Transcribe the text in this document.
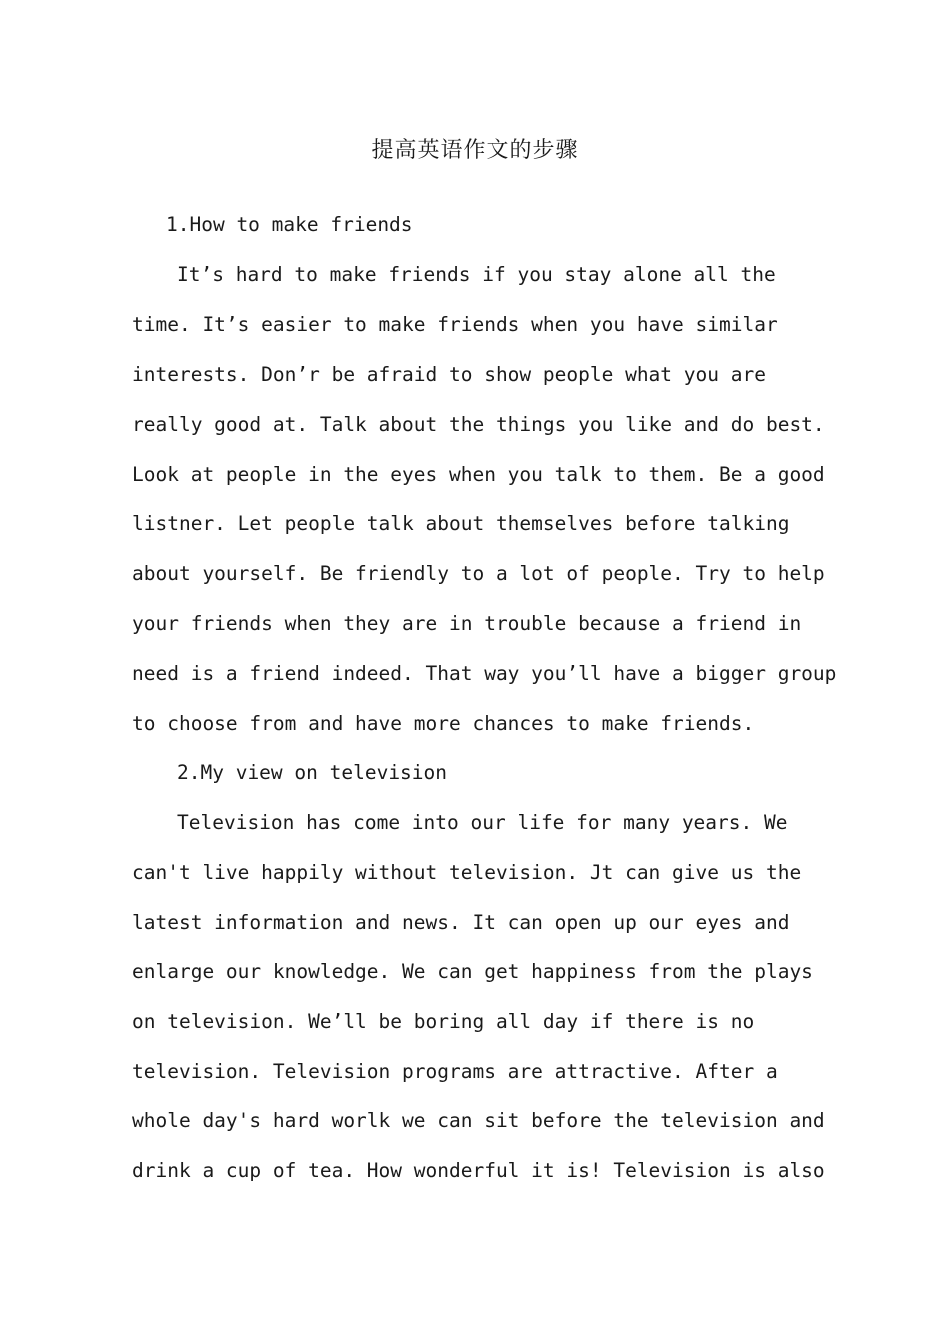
提高英语作文的步骤
1.How to make friends
It’s hard to make friends if you stay alone all the
time. It’s easier to make friends when you have similar
interests. Don’r be afraid to show people what you are
really good at. Talk about the things you like and do best.
Look at people in the eyes when you talk to them. Be a good
listner. Let people talk about themselves before talking
about yourself. Be friendly to a lot of people. Try to help
your friends when they are in trouble because a friend in
need is a friend indeed. That way you’ll have a bigger group
to choose from and have more chances to make friends.
2.My view on television
Television has come into our life for many years. We
can't live happily without television. Jt can give us the
latest information and news. It can open up our eyes and
enlarge our knowledge. We can get happiness from the plays
on television. We’ll be boring all day if there is no
television. Television programs are attractive. After a
whole day's hard worlk we can sit before the television and
drink a cup of tea. How wonderful it is! Television is also
